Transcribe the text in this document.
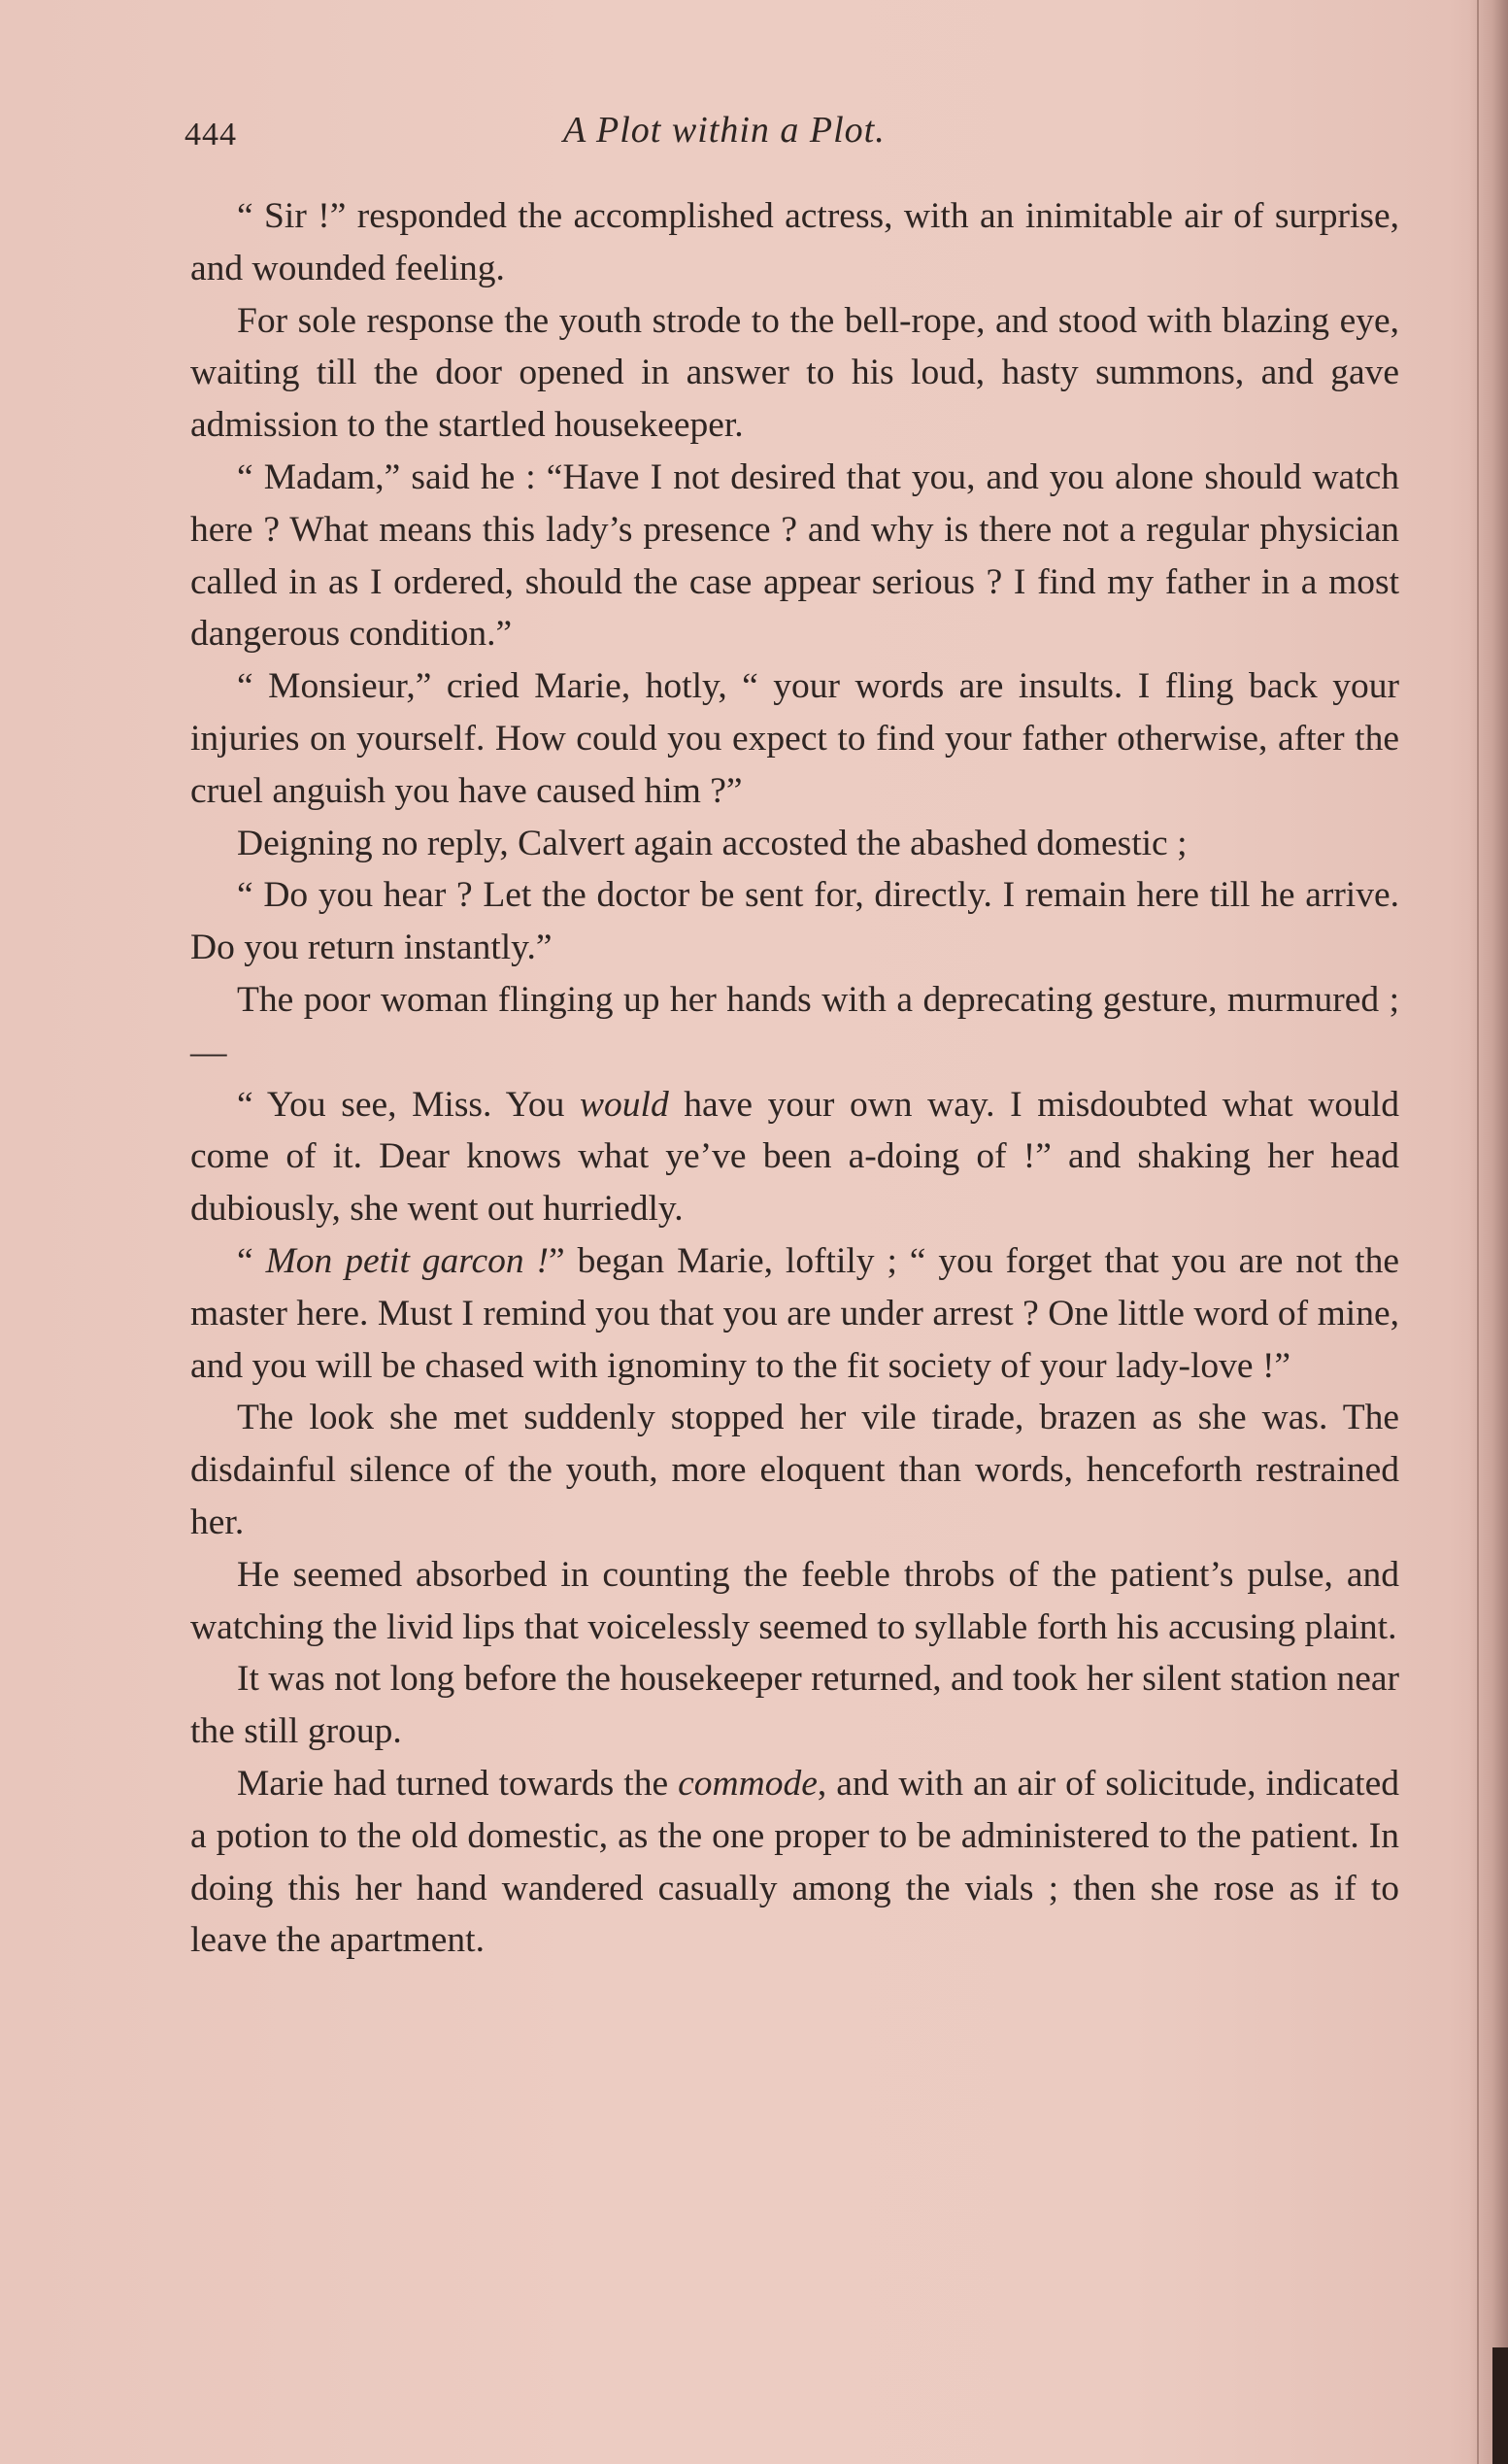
444	A Plot within a Plot.

“ Sir !” responded the accomplished actress, with an inimitable air of surprise, and wounded feeling.

For sole response the youth strode to the bell-rope, and stood with blazing eye, waiting till the door opened in answer to his loud, hasty summons, and gave admission to the startled housekeeper.

“ Madam,” said he : “Have I not desired that you, and you alone should watch here ? What means this lady’s presence ? and why is there not a regular physician called in as I ordered, should the case appear serious ? I find my father in a most dangerous condition.”

“ Monsieur,” cried Marie, hotly, “ your words are insults. I fling back your injuries on yourself. How could you expect to find your father otherwise, after the cruel anguish you have caused him ?”

Deigning no reply, Calvert again accosted the abashed domestic ;

“ Do you hear ? Let the doctor be sent for, directly. I remain here till he arrive. Do you return instantly.”

The poor woman flinging up her hands with a deprecating gesture, murmured ;—

“ You see, Miss. You would have your own way. I misdoubted what would come of it. Dear knows what ye’ve been a-doing of !” and shaking her head dubiously, she went out hurriedly.

“ Mon petit garcon !” began Marie, loftily ; “ you forget that you are not the master here. Must I remind you that you are under arrest ? One little word of mine, and you will be chased with ignominy to the fit society of your lady-love !”

The look she met suddenly stopped her vile tirade, brazen as she was. The disdainful silence of the youth, more eloquent than words, henceforth restrained her.

He seemed absorbed in counting the feeble throbs of the patient’s pulse, and watching the livid lips that voicelessly seemed to syllable forth his accusing plaint.

It was not long before the housekeeper returned, and took her silent station near the still group.

Marie had turned towards the commode, and with an air of solicitude, indicated a potion to the old domestic, as the one proper to be administered to the patient. In doing this her hand wandered casually among the vials ; then she rose as if to leave the apartment.
